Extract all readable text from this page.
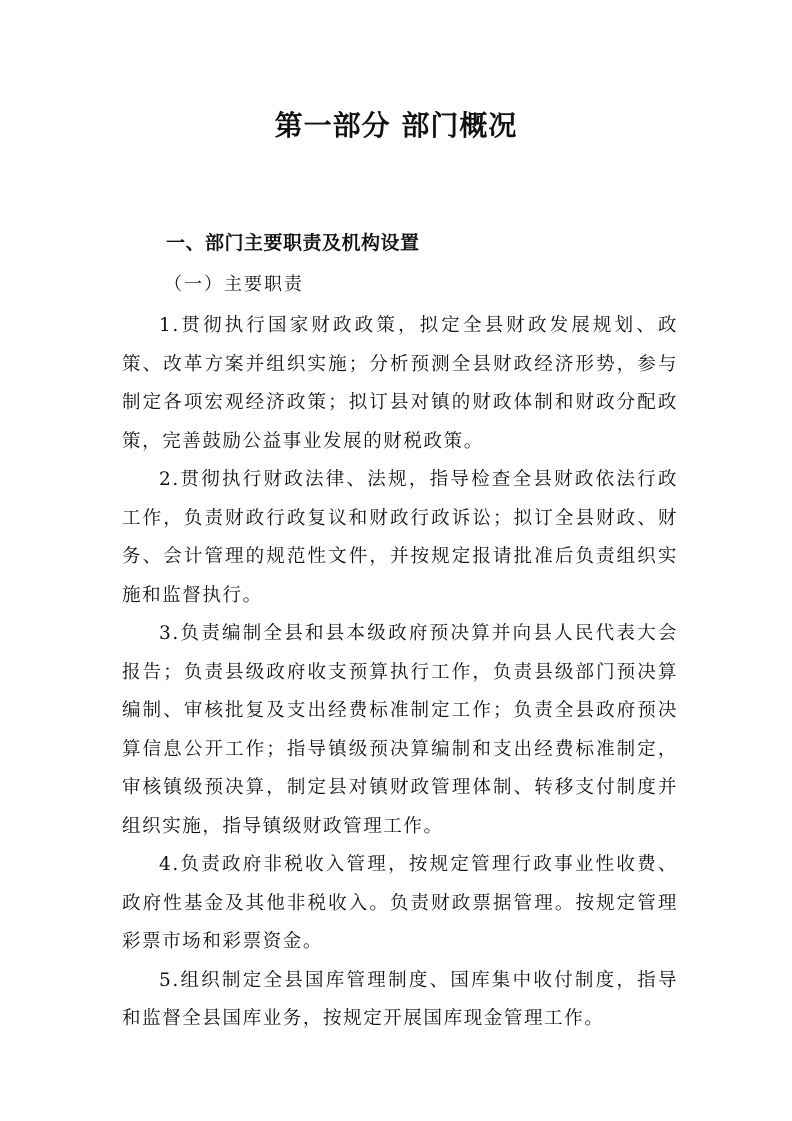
第一部分 部门概况
一、部门主要职责及机构设置
（一）主要职责

1.贯彻执行国家财政政策，拟定全县财政发展规划、政策、改革方案并组织实施；分析预测全县财政经济形势，参与制定各项宏观经济政策；拟订县对镇的财政体制和财政分配政策，完善鼓励公益事业发展的财税政策。

2.贯彻执行财政法律、法规，指导检查全县财政依法行政工作，负责财政行政复议和财政行政诉讼；拟订全县财政、财务、会计管理的规范性文件，并按规定报请批准后负责组织实施和监督执行。

3.负责编制全县和县本级政府预决算并向县人民代表大会报告；负责县级政府收支预算执行工作，负责县级部门预决算编制、审核批复及支出经费标准制定工作；负责全县政府预决算信息公开工作；指导镇级预决算编制和支出经费标准制定，审核镇级预决算，制定县对镇财政管理体制、转移支付制度并组织实施，指导镇级财政管理工作。

4.负责政府非税收入管理，按规定管理行政事业性收费、政府性基金及其他非税收入。负责财政票据管理。按规定管理彩票市场和彩票资金。

5.组织制定全县国库管理制度、国库集中收付制度，指导和监督全县国库业务，按规定开展国库现金管理工作。
